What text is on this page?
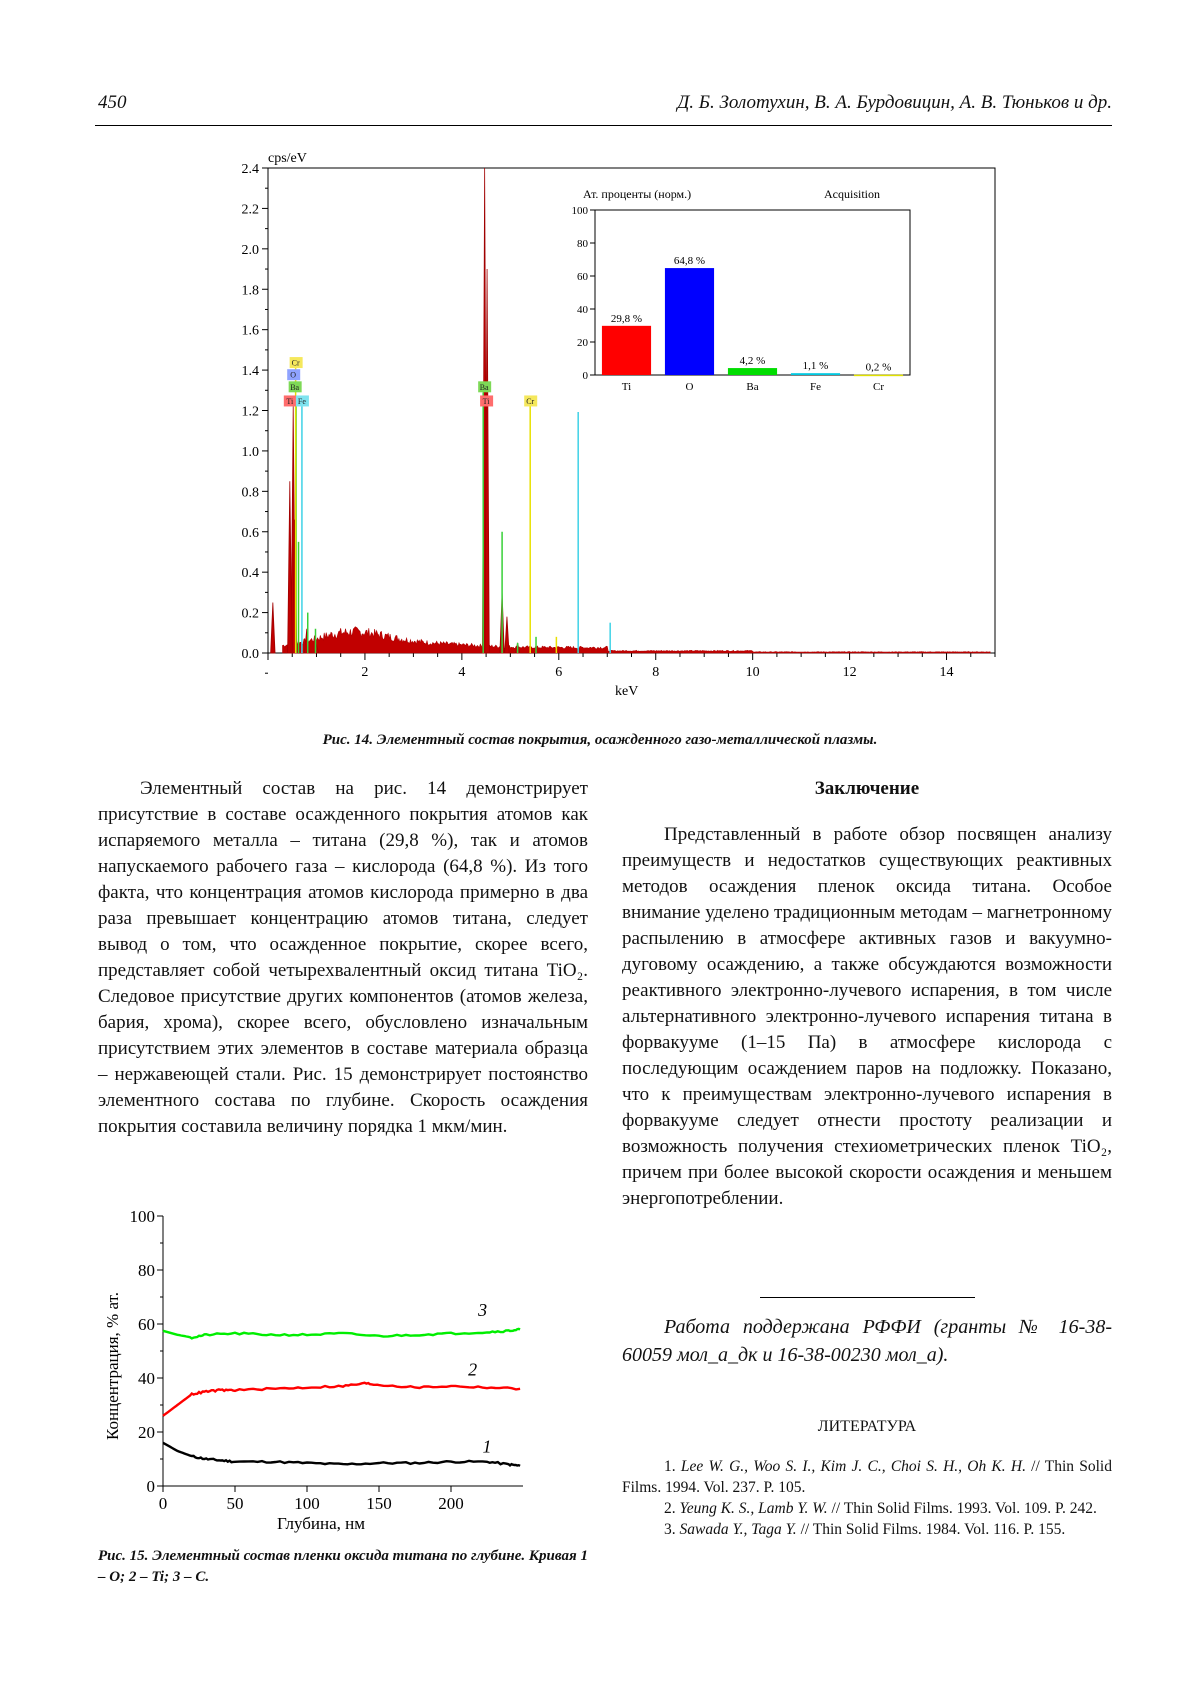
450	Д. Б. Золотухин, В. А. Бурдовицин, А. В. Тюньков и др.
cps/eV
0.0
0.2
0.4
0.6
0.8
1.0
1.2
1.4
1.6
1.8
2.0
2.2
2.4
2	4	6	8	10	12	14
keV
Ti
Ba
O
Cr
Fe
Ba
Ti	Cr
Ат. проценты (норм.)	Acquisition
0
20
40
60
80
100
29,8 %
Ti
64,8 %
O
4,2 %
Ba
1,1 %
Fe
0,2 %
Cr
Рис. 14. Элементный состав покрытия, осажденного газо-металлической плазмы.

Элементный состав на рис. 14 демонстрирует присутствие в составе осажденного покрытия атомов как испаряемого металла – титана (29,8 %), так и атомов напускаемого рабочего газа – кислорода (64,8 %). Из того факта, что концентрация атомов кислорода примерно в два раза превышает концентрацию атомов титана, следует вывод о том, что осажденное покрытие, скорее всего, представляет собой четырехвалентный оксид титана TiO₂. Следовое присутствие других компонентов (атомов железа, бария, хрома), скорее всего, обусловлено изначальным присутствием этих элементов в составе материала образца – нержавеющей стали. Рис. 15 демонстрирует постоянство элементного состава по глубине. Скорость осаждения покрытия составила величину порядка 1 мкм/мин.

0
20
40
60
80
100
0	50	100	150	200
Глубина, нм
Концентрация, % ат.
1
2
3
Рис. 15. Элементный состав пленки оксида титана по глубине. Кривая 1 – O; 2 – Ti; 3 – C.
Заключение

Представленный в работе обзор посвящен анализу преимуществ и недостатков существующих реактивных методов осаждения пленок оксида титана. Особое внимание уделено традиционным методам – магнетронному распылению в атмосфере активных газов и вакуумно-дуговому осаждению, а также обсуждаются возможности реактивного электронно-лучевого испарения, в том числе альтернативного электронно-лучевого испарения титана в форвакууме (1–15 Па) в атмосфере кислорода с последующим осаждением паров на подложку. Показано, что к преимуществам электронно-лучевого испарения в форвакууме следует отнести простоту реализации и возможность получения стехиометрических пленок TiO₂, причем при более высокой скорости осаждения и меньшем энергопотреблении.

Работа поддержана РФФИ (гранты № 16-38-60059 мол_а_дк и 16-38-00230 мол_а).
ЛИТЕРАТУРА

1. Lee W. G., Woo S. I., Kim J. C., Choi S. H., Oh K. H. // Thin Solid Films. 1994. Vol. 237. P. 105.

2. Yeung K. S., Lamb Y. W. // Thin Solid Films. 1993. Vol. 109. P. 242.

3. Sawada Y., Taga Y. // Thin Solid Films. 1984. Vol. 116. P. 155.
